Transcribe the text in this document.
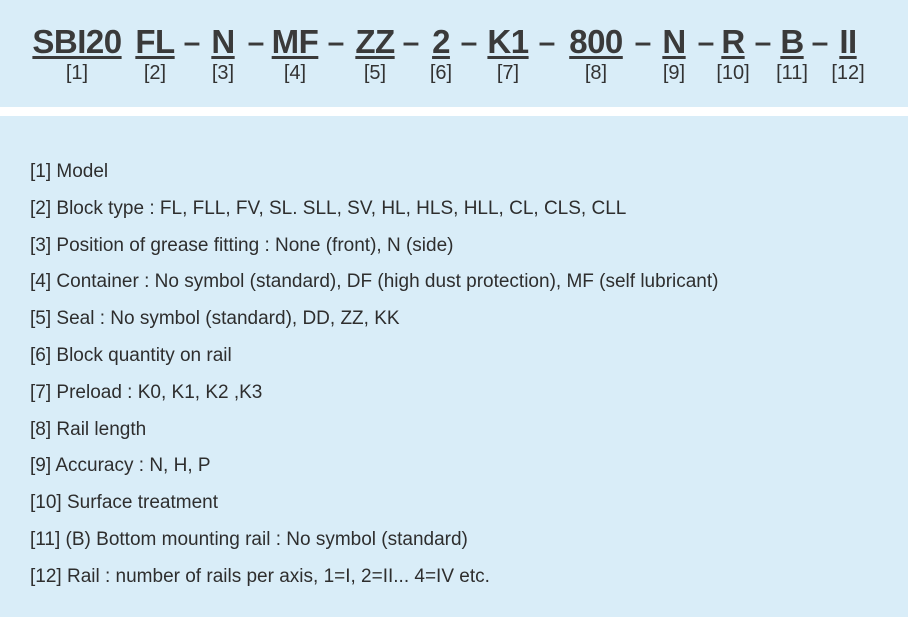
SBI20
[1]
FL
[2]
– N
[3]
– MF
[4]
– ZZ
[5]
– 2
[6]
– K1
[7]
– 800
[8]
– N
[9]
– R
[10]
– B
[11]
– II
[12]
[1] Model
[2] Block type : FL, FLL, FV, SL. SLL, SV, HL, HLS, HLL, CL, CLS, CLL
[3] Position of grease fitting : None (front), N (side)
[4] Container : No symbol (standard), DF (high dust protection), MF (self lubricant)
[5] Seal : No symbol (standard), DD, ZZ, KK
[6] Block quantity on rail
[7] Preload : K0, K1, K2 ,K3
[8] Rail length
[9] Accuracy : N, H, P
[10] Surface treatment
[11] (B) Bottom mounting rail : No symbol (standard)
[12] Rail : number of rails per axis, 1=I, 2=II... 4=IV etc.
